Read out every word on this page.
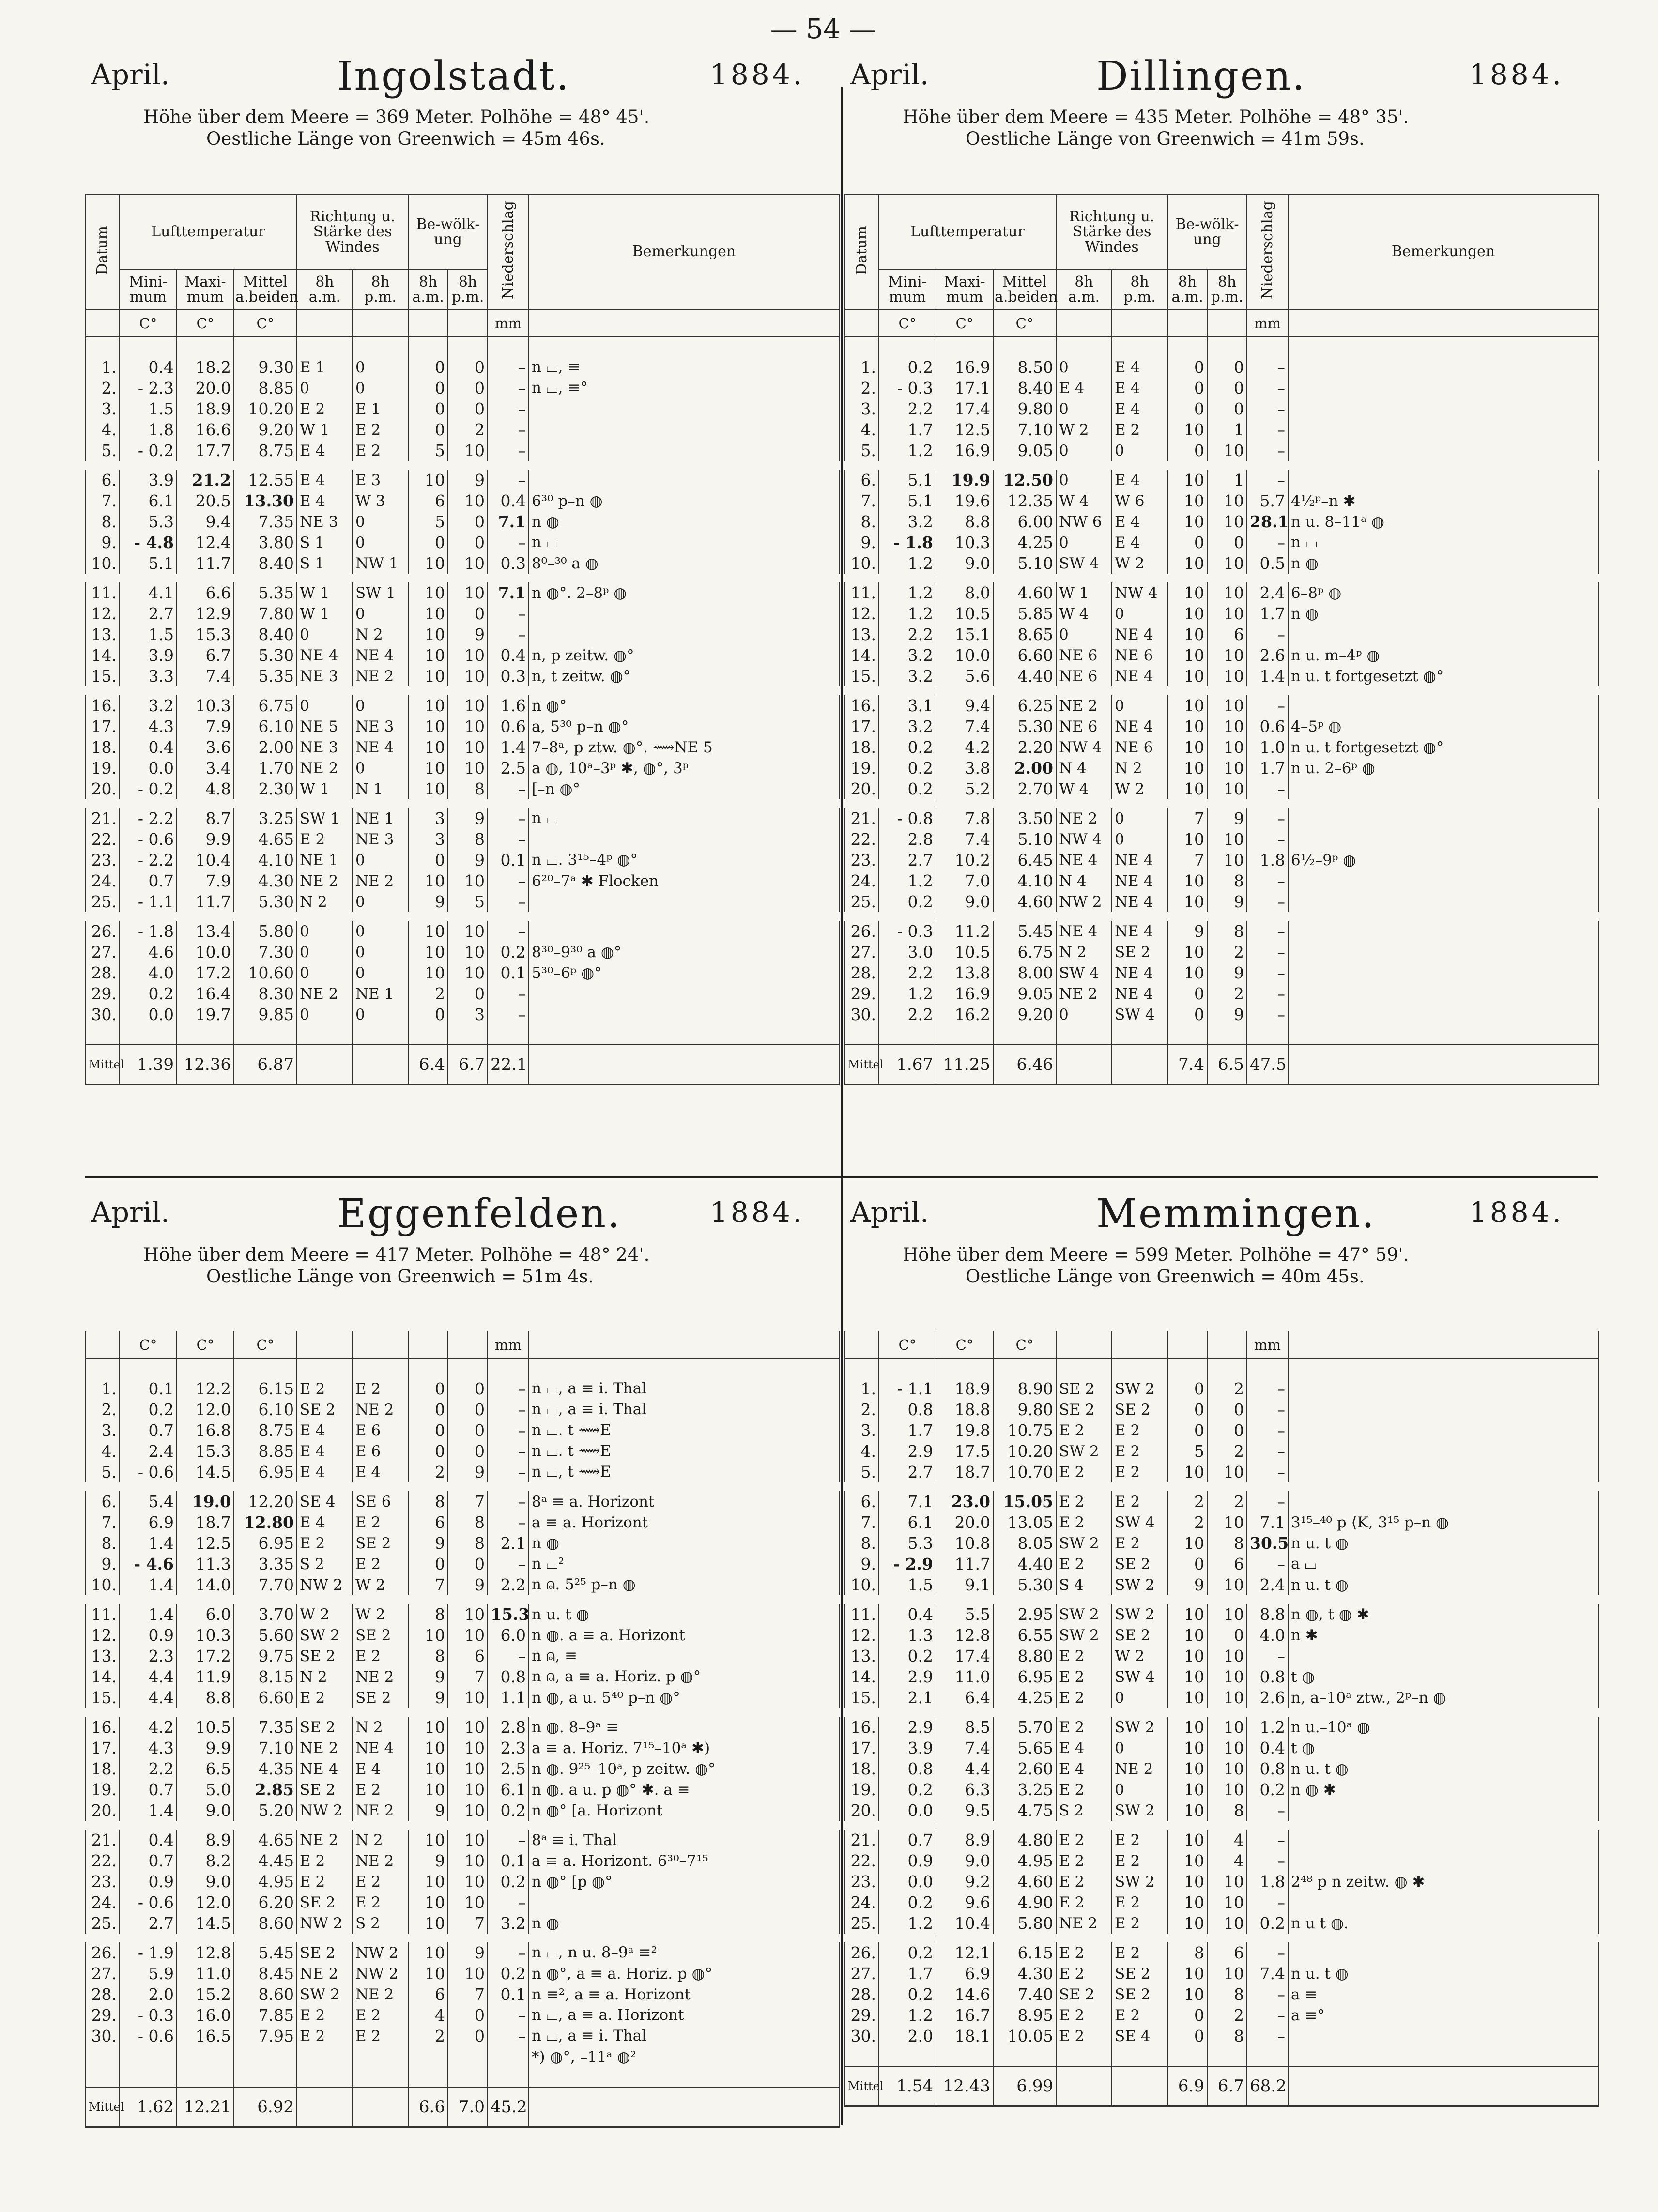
— 54 —
April.	Ingolstadt.	1884.
Höhe über dem Meere = 369 Meter. Polhöhe = 48° 45'.
Oestliche Länge von Greenwich = 45m 46s.
Datum	Lufttemperatur			Richtung u. Stärke des Windes		Be-wölk-ung		Niederschlag	Bemerkungen
	Mini-mum	Maxi-mum	Mittel a.beiden	8h a.m.	8h p.m.	8h a.m.	8h p.m.		
	C°	C°	C°					mm	

1.	0.4	18.2	9.30	E 1	0	0	0	–	n ⌴, ≡
2.	- 2.3	20.0	8.85	0	0	0	0	–	n ⌴, ≡°
3.	1.5	18.9	10.20	E 2	E 1	0	0	–	
4.	1.8	16.6	9.20	W 1	E 2	0	2	–	
5.	- 0.2	17.7	8.75	E 4	E 2	5	10	–	
6.	3.9	21.2	12.55	E 4	E 3	10	9	–	
7.	6.1	20.5	13.30	E 4	W 3	6	10	0.4	6³⁰ p–n ◍
8.	5.3	9.4	7.35	NE 3	0	5	0	7.1	n ◍
9.	- 4.8	12.4	3.80	S 1	0	0	0	–	n ⌴
10.	5.1	11.7	8.40	S 1	NW 1	10	10	0.3	8⁰–³⁰ a ◍
11.	4.1	6.6	5.35	W 1	SW 1	10	10	7.1	n ◍°. 2–8ᵖ ◍
12.	2.7	12.9	7.80	W 1	0	10	0	–	
13.	1.5	15.3	8.40	0	N 2	10	9	–	
14.	3.9	6.7	5.30	NE 4	NE 4	10	10	0.4	n, p zeitw. ◍°
15.	3.3	7.4	5.35	NE 3	NE 2	10	10	0.3	n, t zeitw. ◍°
16.	3.2	10.3	6.75	0	0	10	10	1.6	n ◍°
17.	4.3	7.9	6.10	NE 5	NE 3	10	10	0.6	a, 5³⁰ p–n ◍°
18.	0.4	3.6	2.00	NE 3	NE 4	10	10	1.4	7–8ᵃ, p ztw. ◍°. ⟿NE 5
19.	0.0	3.4	1.70	NE 2	0	10	10	2.5	a ◍, 10ᵃ–3ᵖ ✱, ◍°, 3ᵖ
20.	- 0.2	4.8	2.30	W 1	N 1	10	8	–	[–n ◍°
21.	- 2.2	8.7	3.25	SW 1	NE 1	3	9	–	n ⌴
22.	- 0.6	9.9	4.65	E 2	NE 3	3	8	–	
23.	- 2.2	10.4	4.10	NE 1	0	0	9	0.1	n ⌴. 3¹⁵–4ᵖ ◍°
24.	0.7	7.9	4.30	NE 2	NE 2	10	10	–	6²⁰–7ᵃ ✱ Flocken
25.	- 1.1	11.7	5.30	N 2	0	9	5	–	
26.	- 1.8	13.4	5.80	0	0	10	10	–	
27.	4.6	10.0	7.30	0	0	10	10	0.2	8³⁰–9³⁰ a ◍°
28.	4.0	17.2	10.60	0	0	10	10	0.1	5³⁰–6ᵖ ◍°
29.	0.2	16.4	8.30	NE 2	NE 1	2	0	–	
30.	0.0	19.7	9.85	0	0	0	3	–	

Mittel	1.39	12.36	6.87			6.4	6.7	22.1	
April.	Dillingen.	1884.
Höhe über dem Meere = 435 Meter. Polhöhe = 48° 35'.
Oestliche Länge von Greenwich = 41m 59s.
Datum	Lufttemperatur			Richtung u. Stärke des Windes		Be-wölk-ung		Niederschlag	Bemerkungen
	Mini-mum	Maxi-mum	Mittel a.beiden	8h a.m.	8h p.m.	8h a.m.	8h p.m.		
	C°	C°	C°					mm	

1.	0.2	16.9	8.50	0	E 4	0	0	–	
2.	- 0.3	17.1	8.40	E 4	E 4	0	0	–	
3.	2.2	17.4	9.80	0	E 4	0	0	–	
4.	1.7	12.5	7.10	W 2	E 2	10	1	–	
5.	1.2	16.9	9.05	0	0	0	10	–	
6.	5.1	19.9	12.50	0	E 4	10	1	–	
7.	5.1	19.6	12.35	W 4	W 6	10	10	5.7	4½ᵖ–n ✱
8.	3.2	8.8	6.00	NW 6	E 4	10	10	28.1	n u. 8–11ᵃ ◍
9.	- 1.8	10.3	4.25	0	E 4	0	0	–	n ⌴
10.	1.2	9.0	5.10	SW 4	W 2	10	10	0.5	n ◍
11.	1.2	8.0	4.60	W 1	NW 4	10	10	2.4	6–8ᵖ ◍
12.	1.2	10.5	5.85	W 4	0	10	10	1.7	n ◍
13.	2.2	15.1	8.65	0	NE 4	10	6	–	
14.	3.2	10.0	6.60	NE 6	NE 6	10	10	2.6	n u. m–4ᵖ ◍
15.	3.2	5.6	4.40	NE 6	NE 4	10	10	1.4	n u. t fortgesetzt ◍°
16.	3.1	9.4	6.25	NE 2	0	10	10	–	
17.	3.2	7.4	5.30	NE 6	NE 4	10	10	0.6	4–5ᵖ ◍
18.	0.2	4.2	2.20	NW 4	NE 6	10	10	1.0	n u. t fortgesetzt ◍°
19.	0.2	3.8	2.00	N 4	N 2	10	10	1.7	n u. 2–6ᵖ ◍
20.	0.2	5.2	2.70	W 4	W 2	10	10	–	
21.	- 0.8	7.8	3.50	NE 2	0	7	9	–	
22.	2.8	7.4	5.10	NW 4	0	10	10	–	
23.	2.7	10.2	6.45	NE 4	NE 4	7	10	1.8	6½–9ᵖ ◍
24.	1.2	7.0	4.10	N 4	NE 4	10	8	–	
25.	0.2	9.0	4.60	NW 2	NE 4	10	9	–	
26.	- 0.3	11.2	5.45	NE 4	NE 4	9	8	–	
27.	3.0	10.5	6.75	N 2	SE 2	10	2	–	
28.	2.2	13.8	8.00	SW 4	NE 4	10	9	–	
29.	1.2	16.9	9.05	NE 2	NE 4	0	2	–	
30.	2.2	16.2	9.20	0	SW 4	0	9	–	

Mittel	1.67	11.25	6.46			7.4	6.5	47.5	
April.	Eggenfelden.	1884.
Höhe über dem Meere = 417 Meter. Polhöhe = 48° 24'.
Oestliche Länge von Greenwich = 51m 4s.
	C°	C°	C°					mm	

1.	0.1	12.2	6.15	E 2	E 2	0	0	–	n ⌴, a ≡ i. Thal
2.	0.2	12.0	6.10	SE 2	NE 2	0	0	–	n ⌴, a ≡ i. Thal
3.	0.7	16.8	8.75	E 4	E 6	0	0	–	n ⌴. t ⟿E
4.	2.4	15.3	8.85	E 4	E 6	0	0	–	n ⌴. t ⟿E
5.	- 0.6	14.5	6.95	E 4	E 4	2	9	–	n ⌴, t ⟿E
6.	5.4	19.0	12.20	SE 4	SE 6	8	7	–	8ᵃ ≡ a. Horizont
7.	6.9	18.7	12.80	E 4	E 2	6	8	–	a ≡ a. Horizont
8.	1.4	12.5	6.95	E 2	SE 2	9	8	2.1	n ◍
9.	- 4.6	11.3	3.35	S 2	E 2	0	0	–	n ⌴²
10.	1.4	14.0	7.70	NW 2	W 2	7	9	2.2	n ⍝. 5²⁵ p–n ◍
11.	1.4	6.0	3.70	W 2	W 2	8	10	15.3	n u. t ◍
12.	0.9	10.3	5.60	SW 2	SE 2	10	10	6.0	n ◍. a ≡ a. Horizont
13.	2.3	17.2	9.75	SE 2	E 2	8	6	–	n ⍝, ≡
14.	4.4	11.9	8.15	N 2	NE 2	9	7	0.8	n ⍝, a ≡ a. Horiz. p ◍°
15.	4.4	8.8	6.60	E 2	SE 2	9	10	1.1	n ◍, a u. 5⁴⁰ p–n ◍°
16.	4.2	10.5	7.35	SE 2	N 2	10	10	2.8	n ◍. 8–9ᵃ ≡
17.	4.3	9.9	7.10	NE 2	NE 4	10	10	2.3	a ≡ a. Horiz. 7¹⁵–10ᵃ ✱)
18.	2.2	6.5	4.35	NE 4	E 4	10	10	2.5	n ◍. 9²⁵–10ᵃ, p zeitw. ◍°
19.	0.7	5.0	2.85	SE 2	E 2	10	10	6.1	n ◍. a u. p ◍° ✱. a ≡
20.	1.4	9.0	5.20	NW 2	NE 2	9	10	0.2	n ◍° [a. Horizont
21.	0.4	8.9	4.65	NE 2	N 2	10	10	–	8ᵃ ≡ i. Thal
22.	0.7	8.2	4.45	E 2	NE 2	9	10	0.1	a ≡ a. Horizont. 6³⁰–7¹⁵
23.	0.9	9.0	4.95	E 2	E 2	10	10	0.2	n ◍° [p ◍°
24.	- 0.6	12.0	6.20	SE 2	E 2	10	10	–	
25.	2.7	14.5	8.60	NW 2	S 2	10	7	3.2	n ◍
26.	- 1.9	12.8	5.45	SE 2	NW 2	10	9	–	n ⌴, n u. 8–9ᵃ ≡²
27.	5.9	11.0	8.45	NE 2	NW 2	10	10	0.2	n ◍°, a ≡ a. Horiz. p ◍°
28.	2.0	15.2	8.60	SW 2	NE 2	6	7	0.1	n ≡², a ≡ a. Horizont
29.	- 0.3	16.0	7.85	E 2	E 2	4	0	–	n ⌴, a ≡ a. Horizont
30.	- 0.6	16.5	7.95	E 2	E 2	2	0	–	n ⌴, a ≡ i. Thal
									*) ◍°, –11ᵃ ◍²

Mittel	1.62	12.21	6.92			6.6	7.0	45.2	
April.	Memmingen.	1884.
Höhe über dem Meere = 599 Meter. Polhöhe = 47° 59'.
Oestliche Länge von Greenwich = 40m 45s.
	C°	C°	C°					mm	

1.	- 1.1	18.9	8.90	SE 2	SW 2	0	2	–	
2.	0.8	18.8	9.80	SE 2	SE 2	0	0	–	
3.	1.7	19.8	10.75	E 2	E 2	0	0	–	
4.	2.9	17.5	10.20	SW 2	E 2	5	2	–	
5.	2.7	18.7	10.70	E 2	E 2	10	10	–	
6.	7.1	23.0	15.05	E 2	E 2	2	2	–	
7.	6.1	20.0	13.05	E 2	SW 4	2	10	7.1	3¹⁵–⁴⁰ p ⟨K, 3¹⁵ p–n ◍
8.	5.3	10.8	8.05	SW 2	E 2	10	8	30.5	n u. t ◍
9.	- 2.9	11.7	4.40	E 2	SE 2	0	6	–	a ⌴
10.	1.5	9.1	5.30	S 4	SW 2	9	10	2.4	n u. t ◍
11.	0.4	5.5	2.95	SW 2	SW 2	10	10	8.8	n ◍, t ◍ ✱
12.	1.3	12.8	6.55	SW 2	SE 2	10	0	4.0	n ✱
13.	0.2	17.4	8.80	E 2	W 2	10	10	–	
14.	2.9	11.0	6.95	E 2	SW 4	10	10	0.8	t ◍
15.	2.1	6.4	4.25	E 2	0	10	10	2.6	n, a–10ᵃ ztw., 2ᵖ–n ◍
16.	2.9	8.5	5.70	E 2	SW 2	10	10	1.2	n u.–10ᵃ ◍
17.	3.9	7.4	5.65	E 4	0	10	10	0.4	t ◍
18.	0.8	4.4	2.60	E 4	NE 2	10	10	0.8	n u. t ◍
19.	0.2	6.3	3.25	E 2	0	10	10	0.2	n ◍ ✱
20.	0.0	9.5	4.75	S 2	SW 2	10	8	–	
21.	0.7	8.9	4.80	E 2	E 2	10	4	–	
22.	0.9	9.0	4.95	E 2	E 2	10	4	–	
23.	0.0	9.2	4.60	E 2	SW 2	10	10	1.8	2⁴⁸ p n zeitw. ◍ ✱
24.	0.2	9.6	4.90	E 2	E 2	10	10	–	
25.	1.2	10.4	5.80	NE 2	E 2	10	10	0.2	n u t ◍.
26.	0.2	12.1	6.15	E 2	E 2	8	6	–	
27.	1.7	6.9	4.30	E 2	SE 2	10	10	7.4	n u. t ◍
28.	0.2	14.6	7.40	SE 2	SE 2	10	8	–	a ≡
29.	1.2	16.7	8.95	E 2	E 2	0	2	–	a ≡°
30.	2.0	18.1	10.05	E 2	SE 4	0	8	–	

Mittel	1.54	12.43	6.99			6.9	6.7	68.2	
